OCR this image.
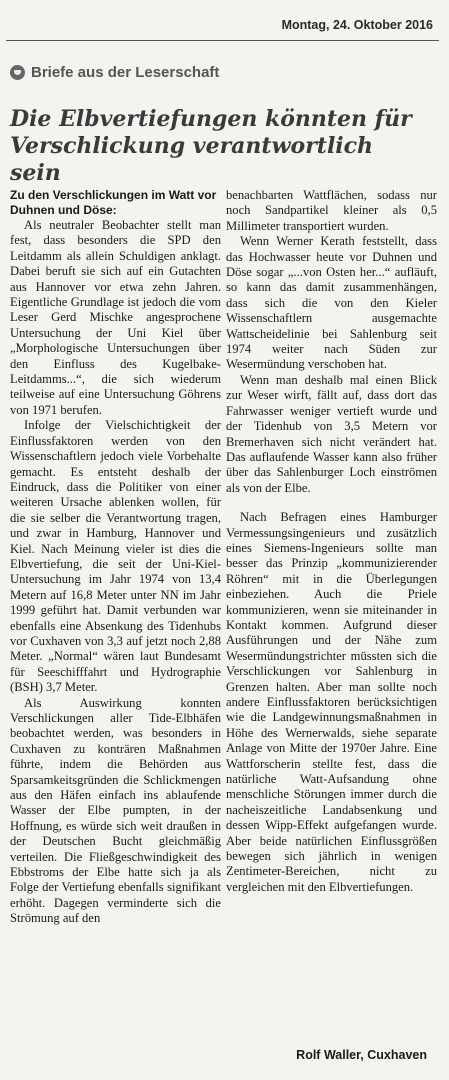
Montag, 24. Oktober 2016
Briefe aus der Leserschaft
Die Elbvertiefungen könnten für
Verschlickung verantwortlich sein

Zu den Verschlickungen im Watt vor Duhnen und Döse:

Als neutraler Beobachter stellt man fest, dass besonders die SPD den Leitdamm als allein Schuldigen anklagt. Dabei beruft sie sich auf ein Gutachten aus Hannover vor etwa zehn Jahren. Eigentliche Grundlage ist jedoch die vom Leser Gerd Mischke angesprochene Untersuchung der Uni Kiel über „Morphologische Untersuchungen über den Einfluss des Kugelbake-Leitdamms...“, die sich wiederum teilweise auf eine Untersuchung Göhrens von 1971 berufen.

Infolge der Vielschichtigkeit der Einflussfaktoren werden von den Wissenschaftlern jedoch viele Vorbehalte gemacht. Es entsteht deshalb der Eindruck, dass die Politiker von einer weiteren Ursache ablenken wollen, für die sie selber die Verantwortung tragen, und zwar in Hamburg, Hannover und Kiel. Nach Meinung vieler ist dies die Elbvertiefung, die seit der Uni-Kiel-Untersuchung im Jahr 1974 von 13,4 Metern auf 16,8 Meter unter NN im Jahr 1999 geführt hat. Damit verbunden war ebenfalls eine Absenkung des Tidenhubs vor Cuxhaven von 3,3 auf jetzt noch 2,88 Meter. „Normal“ wären laut Bundesamt für Seeschifffahrt und Hydrographie (BSH) 3,7 Meter.

Als Auswirkung konnten Verschlickungen aller Tide-Elbhäfen beobachtet werden, was besonders in Cuxhaven zu konträren Maßnahmen führte, indem die Behörden aus Sparsamkeitsgründen die Schlickmengen aus den Häfen einfach ins ablaufende Wasser der Elbe pumpten, in der Hoffnung, es würde sich weit draußen in der Deutschen Bucht gleichmäßig verteilen. Die Fließgeschwindigkeit des Ebbstroms der Elbe hatte sich ja als Folge der Vertiefung ebenfalls signifikant erhöht. Dagegen verminderte sich die Strömung auf den

benachbarten Wattflächen, sodass nur noch Sandpartikel kleiner als 0,5 Millimeter transportiert wurden.

Wenn Werner Kerath feststellt, dass das Hochwasser heute vor Duhnen und Döse sogar „...von Osten her...“ aufläuft, so kann das damit zusammenhängen, dass sich die von den Kieler Wissenschaftlern ausgemachte Wattscheidelinie bei Sahlenburg seit 1974 weiter nach Süden zur Wesermündung verschoben hat.

Wenn man deshalb mal einen Blick zur Weser wirft, fällt auf, dass dort das Fahrwasser weniger vertieft wurde und der Tidenhub von 3,5 Metern vor Bremerhaven sich nicht verändert hat. Das auflaufende Wasser kann also früher über das Sahlenburger Loch einströmen als von der Elbe.

Nach Befragen eines Hamburger Vermessungsingenieurs und zusätzlich eines Siemens-Ingenieurs sollte man besser das Prinzip „kommunizierender Röhren“ mit in die Überlegungen einbeziehen. Auch die Priele kommunizieren, wenn sie miteinander in Kontakt kommen. Aufgrund dieser Ausführungen und der Nähe zum Wesermündungstrichter müssten sich die Verschlickungen vor Sahlenburg in Grenzen halten. Aber man sollte noch andere Einflussfaktoren berücksichtigen wie die Landgewinnungsmaßnahmen in Höhe des Wernerwalds, siehe separate Anlage von Mitte der 1970er Jahre. Eine Wattforscherin stellte fest, dass die natürliche Watt-Aufsandung ohne menschliche Störungen immer durch die nacheiszeitliche Landabsenkung und dessen Wipp-Effekt aufgefangen wurde. Aber beide natürlichen Einflussgrößen bewegen sich jährlich in wenigen Zentimeter-Bereichen, nicht zu vergleichen mit den Elbvertiefungen.

Rolf Waller, Cuxhaven
